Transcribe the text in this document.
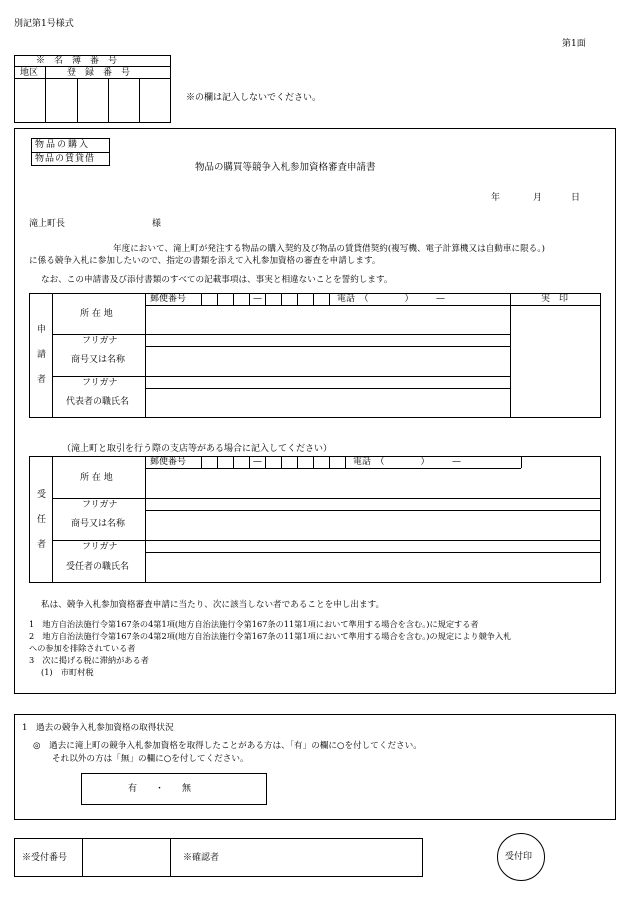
別記第1号様式
第1面
※　名　簿　番　号
地区	登　録　番　号
※の欄は記入しないでください。
物品の購入
物品の賃貸借
物品の購買等競争入札参加資格審査申請書
年	月	日
滝上町長	様
年度において、滝上町が発注する物品の購入契約及び物品の賃貸借契約(複写機、電子計算機又は自動車に限る。)
に係る競争入札に参加したいので、指定の書類を添えて入札参加資格の審査を申請します。
なお、この申請書及び添付書類のすべての記載事項は、事実と相違ないことを誓約します。
郵便番号	—	電話　（　　　　）　　　—	実　印
申
請
者
所 在 地
フリガナ
商号又は名称
フリガナ
代表者の職氏名
（滝上町と取引を行う際の支店等がある場合に記入してください）
郵便番号	—	電話　（　　　　）　　　—
受
任
者
所 在 地
フリガナ
商号又は名称
フリガナ
受任者の職氏名
私は、競争入札参加資格審査申請に当たり、次に該当しない者であることを申し出ます。
1　地方自治法施行令第167条の4第1項(地方自治法施行令第167条の11第1項において準用する場合を含む。)に規定する者
2　地方自治法施行令第167条の4第2項(地方自治法施行令第167条の11第1項において準用する場合を含む。)の規定により競争入札
への参加を排除されている者
3　次に掲げる税に滞納がある者
(1)　市町村税
1　過去の競争入札参加資格の取得状況
◎　過去に滝上町の競争入札参加資格を取得したことがある方は、「有」の欄に○を付してください。
それ以外の方は「無」の欄に○を付してください。
有　　・　　無
※受付番号	※確認者	受付印
